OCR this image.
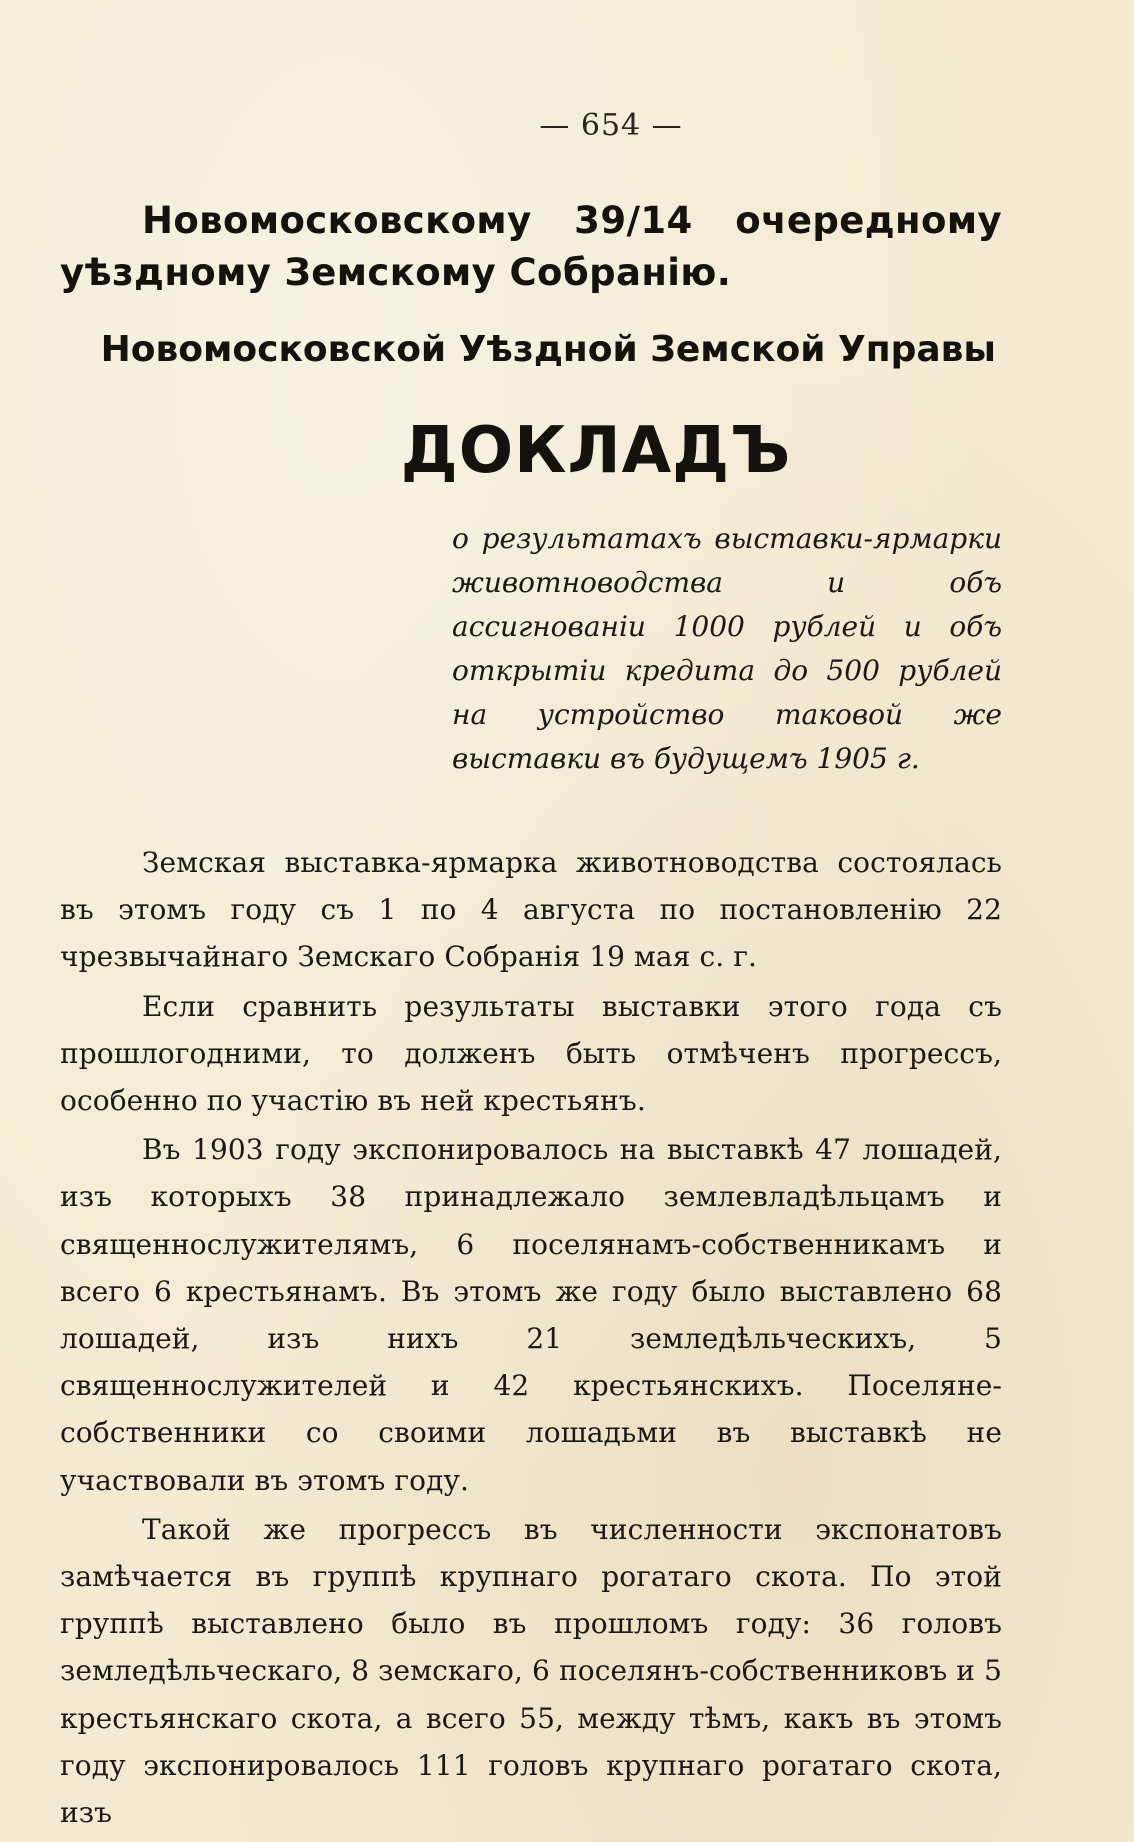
— 654 —
Новомосковскому 39/14 очередному уѣздному Земскому Собранію.
Новомосковской Уѣздной Земской Управы
ДОКЛАДЪ
о результатахъ выставки-ярмарки животноводства и объ ассигнованіи 1000 рублей и объ открытіи кредита до 500 рублей на устройство таковой же выставки въ будущемъ 1905 г.

Земская выставка-ярмарка животноводства состоялась въ этомъ году съ 1 по 4 августа по постановленію 22 чрезвычайнаго Земскаго Собранія 19 мая с. г.

Если сравнить результаты выставки этого года съ прошлогодними, то долженъ быть отмѣченъ прогрессъ, особенно по участію въ ней крестьянъ.

Въ 1903 году экспонировалось на выставкѣ 47 лошадей, изъ которыхъ 38 принадлежало землевладѣльцамъ и священнослужителямъ, 6 поселянамъ-собственникамъ и всего 6 крестьянамъ. Въ этомъ же году было выставлено 68 лошадей, изъ нихъ 21 земледѣльческихъ, 5 священнослужителей и 42 крестьянскихъ. Поселяне-собственники со своими лошадьми въ выставкѣ не участвовали въ этомъ году.

Такой же прогрессъ въ численности экспонатовъ замѣчается въ группѣ крупнаго рогатаго скота. По этой группѣ выставлено было въ прошломъ году: 36 головъ земледѣльческаго, 8 земскаго, 6 поселянъ-собственниковъ и 5 крестьянскаго скота, а всего 55, между тѣмъ, какъ въ этомъ году экспонировалось 111 головъ крупнаго рогатаго скота, изъ
